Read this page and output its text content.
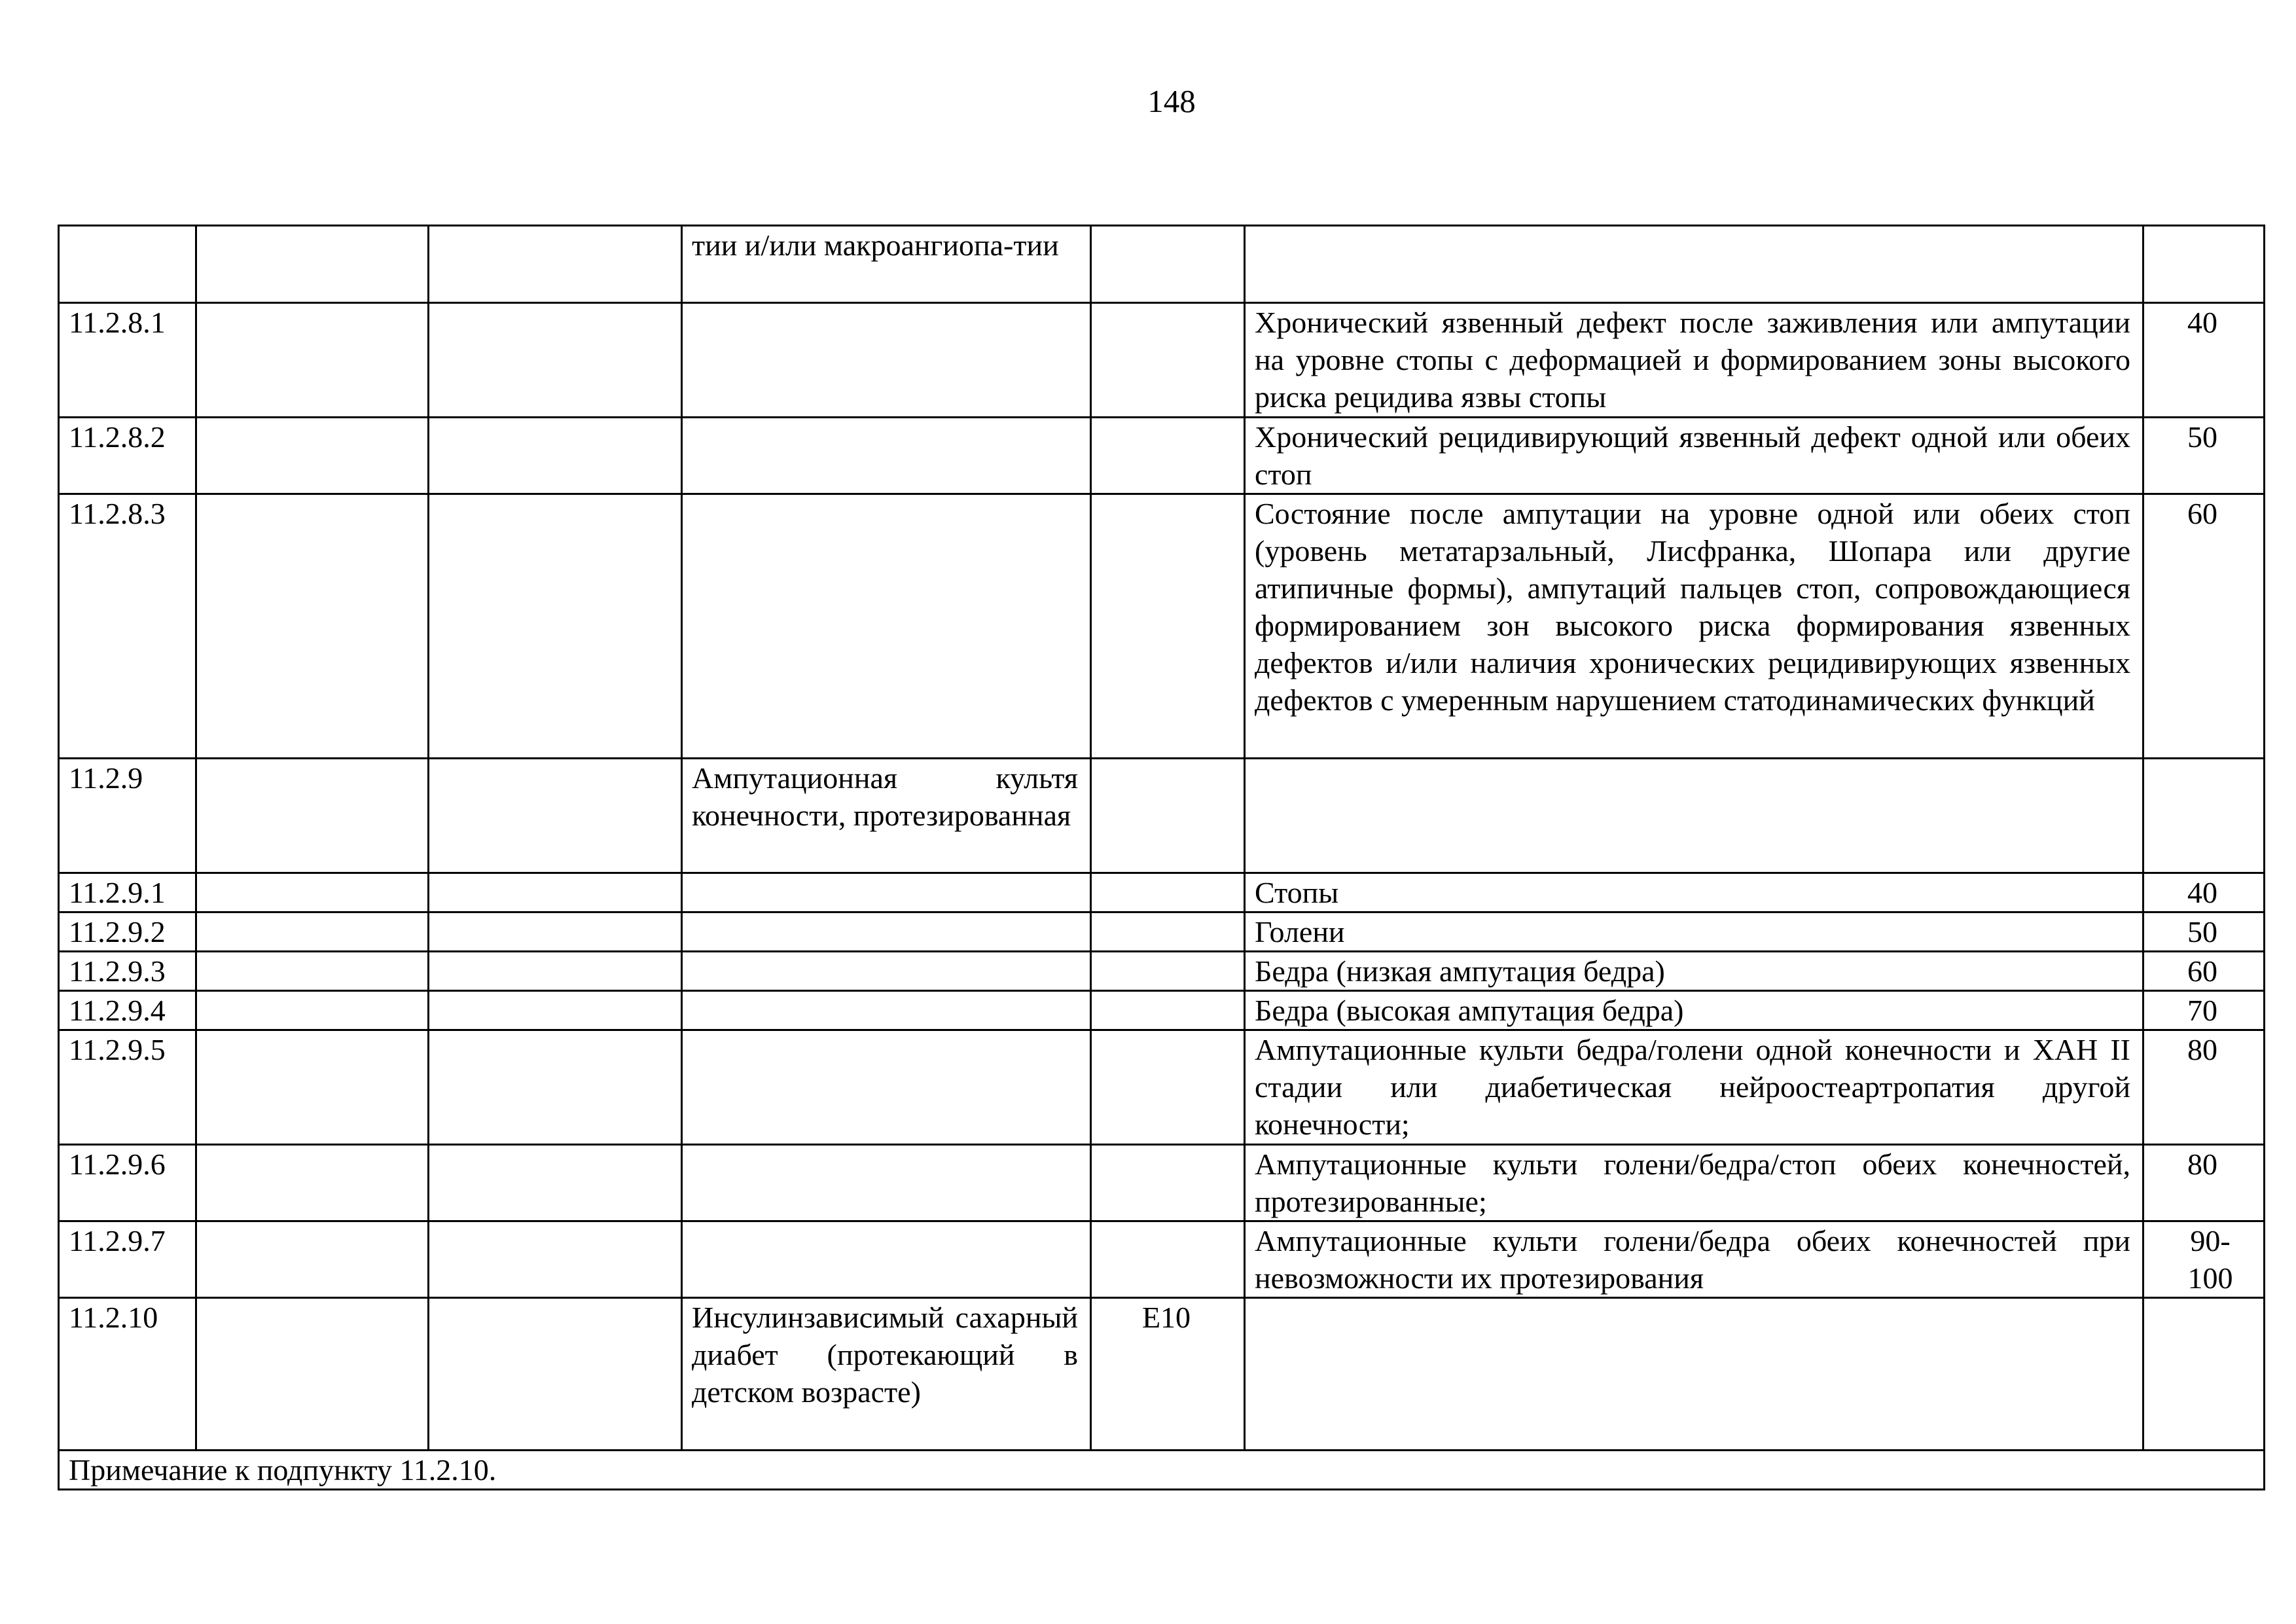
148
			тии и/или макроангиопа-тии			
11.2.8.1					Хронический язвенный дефект после заживления или ампутации на уровне стопы с деформацией и формированием зоны высокого риска рецидива язвы стопы	40
11.2.8.2					Хронический рецидивирующий язвенный дефект одной или обеих стоп	50
11.2.8.3					Состояние после ампутации на уровне одной или обеих стоп (уровень метатарзальный, Лисфранка, Шопара или другие атипичные формы), ампутаций пальцев стоп, сопровождающиеся формированием зон высокого риска формирования язвенных дефектов и/или наличия хронических рецидивирующих язвенных дефектов с умеренным нарушением статодинамических функций	60
11.2.9			Ампутационная культя конечности, протезированная			
11.2.9.1					Стопы	40
11.2.9.2					Голени	50
11.2.9.3					Бедра (низкая ампутация бедра)	60
11.2.9.4					Бедра (высокая ампутация бедра)	70
11.2.9.5					Ампутационные культи бедра/голени одной конечности и ХАН II стадии или диабетическая нейроостеартропатия другой конечности;	80
11.2.9.6					Ампутационные культи голени/бедра/стоп обеих конечностей, протезированные;	80
11.2.9.7					Ампутационные культи голени/бедра обеих конечностей при невозможности их протезирования	90-100
11.2.10			Инсулинзависимый сахарный диабет (протекающий в детском возрасте)	E10		
Примечание к подпункту 11.2.10.						
